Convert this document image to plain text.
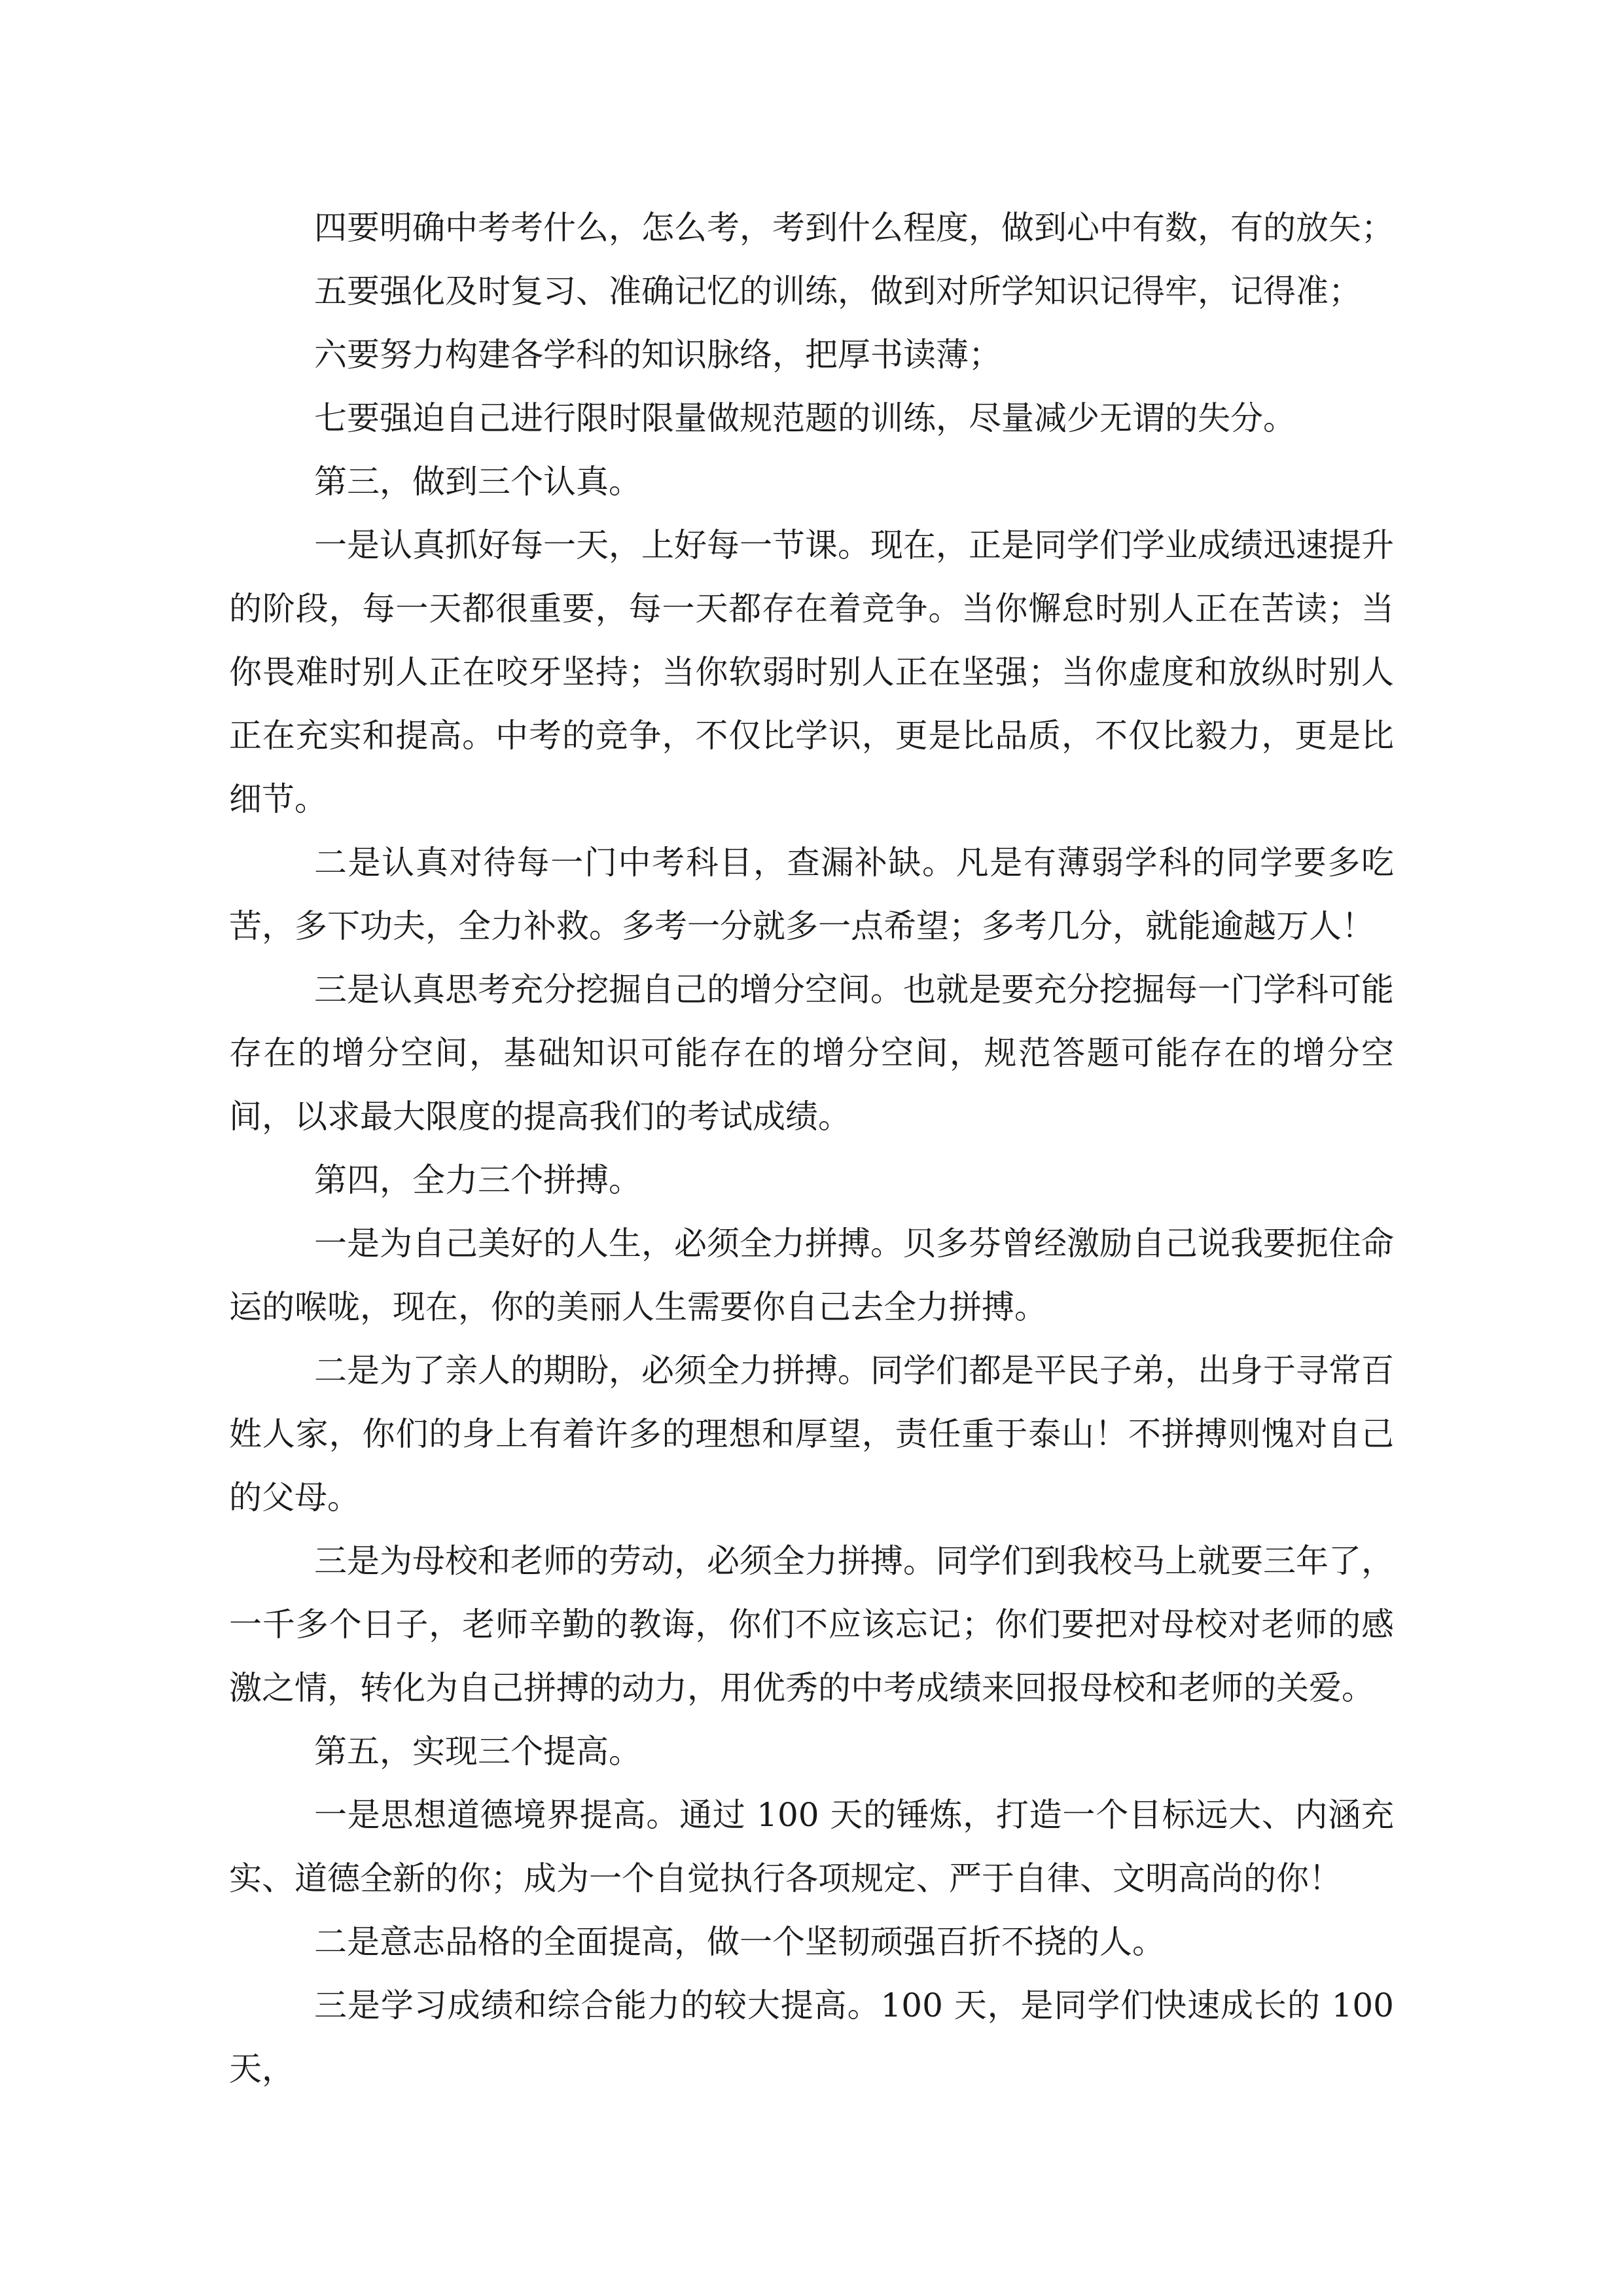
四要明确中考考什么，怎么考，考到什么程度，做到心中有数，有的放矢；

五要强化及时复习、准确记忆的训练，做到对所学知识记得牢，记得准；

六要努力构建各学科的知识脉络，把厚书读薄；

七要强迫自己进行限时限量做规范题的训练，尽量减少无谓的失分。

第三，做到三个认真。

一是认真抓好每一天，上好每一节课。现在，正是同学们学业成绩迅速提升的阶段，每一天都很重要，每一天都存在着竞争。当你懈怠时别人正在苦读；当你畏难时别人正在咬牙坚持；当你软弱时别人正在坚强；当你虚度和放纵时别人正在充实和提高。中考的竞争，不仅比学识，更是比品质，不仅比毅力，更是比细节。

二是认真对待每一门中考科目，查漏补缺。凡是有薄弱学科的同学要多吃苦，多下功夫，全力补救。多考一分就多一点希望；多考几分，就能逾越万人！

三是认真思考充分挖掘自己的增分空间。也就是要充分挖掘每一门学科可能存在的增分空间，基础知识可能存在的增分空间，规范答题可能存在的增分空间，以求最大限度的提高我们的考试成绩。

第四，全力三个拼搏。

一是为自己美好的人生，必须全力拼搏。贝多芬曾经激励自己说我要扼住命运的喉咙，现在，你的美丽人生需要你自己去全力拼搏。

二是为了亲人的期盼，必须全力拼搏。同学们都是平民子弟，出身于寻常百姓人家，你们的身上有着许多的理想和厚望，责任重于泰山！不拼搏则愧对自己的父母。

三是为母校和老师的劳动，必须全力拼搏。同学们到我校马上就要三年了，一千多个日子，老师辛勤的教诲，你们不应该忘记；你们要把对母校对老师的感激之情，转化为自己拼搏的动力，用优秀的中考成绩来回报母校和老师的关爱。

第五，实现三个提高。

一是思想道德境界提高。通过 100 天的锤炼，打造一个目标远大、内涵充实、道德全新的你；成为一个自觉执行各项规定、严于自律、文明高尚的你！

二是意志品格的全面提高，做一个坚韧顽强百折不挠的人。

三是学习成绩和综合能力的较大提高。100 天，是同学们快速成长的 100 天，
